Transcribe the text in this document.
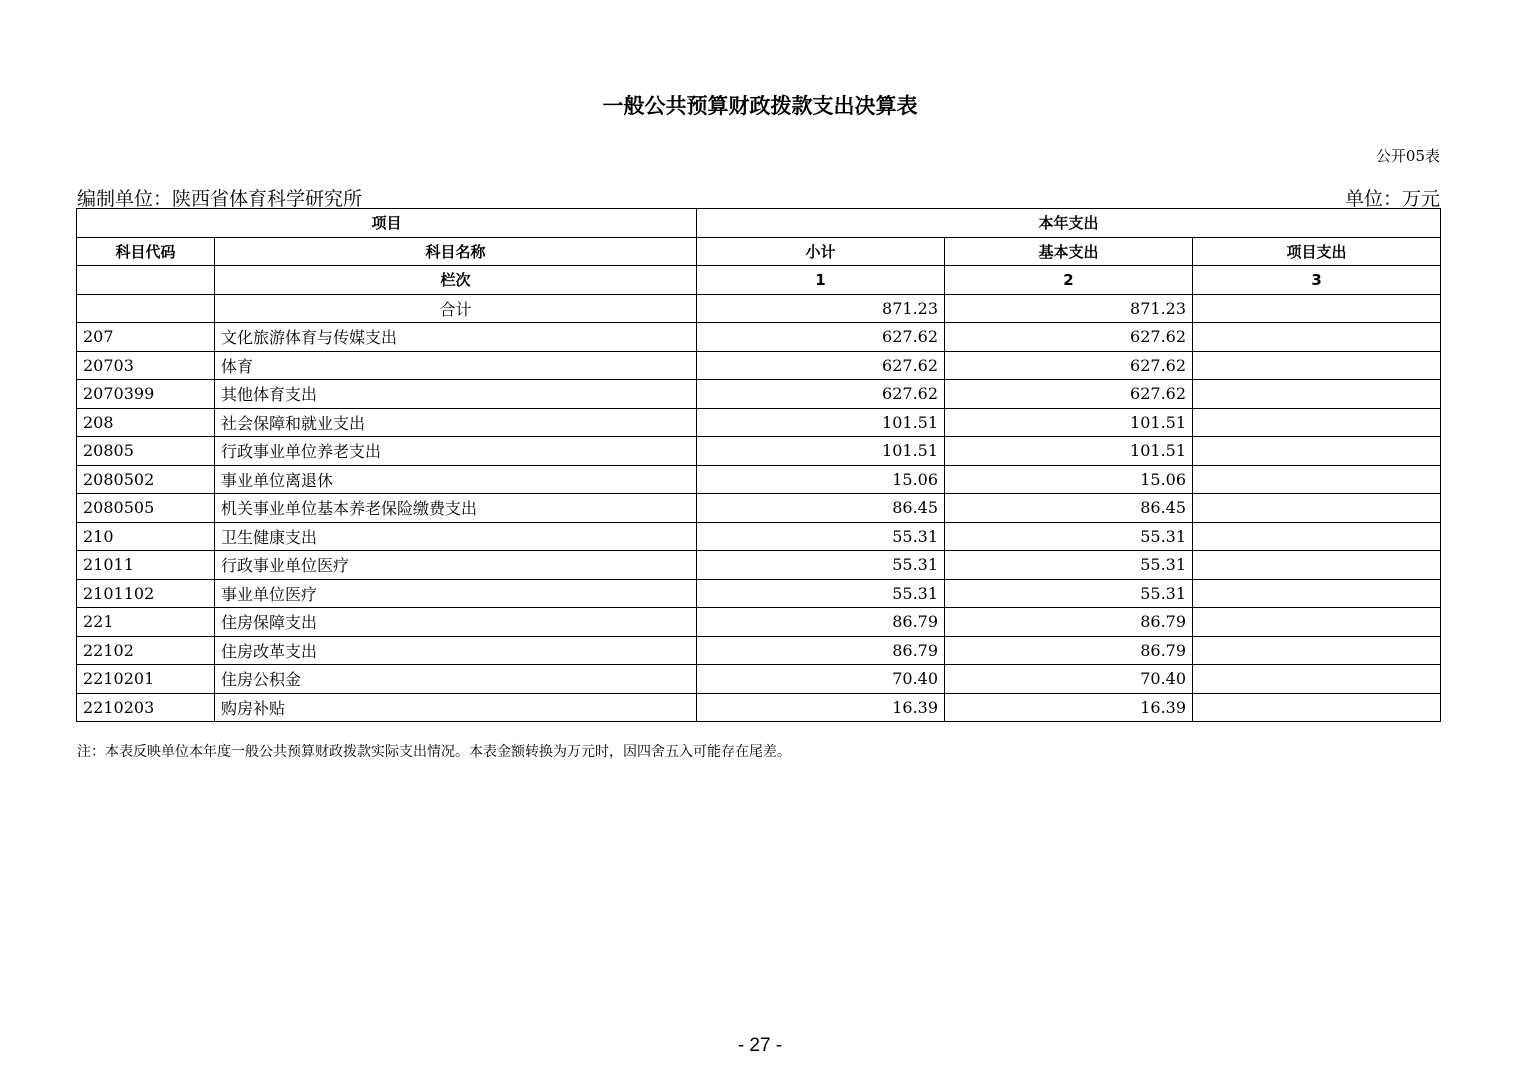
一般公共预算财政拨款支出决算表
公开05表
编制单位：陕西省体育科学研究所	单位：万元
项目		本年支出		
科目代码	科目名称	小计	基本支出	项目支出
	栏次	1	2	3
	合计	871.23	871.23	
207	文化旅游体育与传媒支出	627.62	627.62	
20703	体育	627.62	627.62	
2070399	其他体育支出	627.62	627.62	
208	社会保障和就业支出	101.51	101.51	
20805	行政事业单位养老支出	101.51	101.51	
2080502	事业单位离退休	15.06	15.06	
2080505	机关事业单位基本养老保险缴费支出	86.45	86.45	
210	卫生健康支出	55.31	55.31	
21011	行政事业单位医疗	55.31	55.31	
2101102	事业单位医疗	55.31	55.31	
221	住房保障支出	86.79	86.79	
22102	住房改革支出	86.79	86.79	
2210201	住房公积金	70.40	70.40	
2210203	购房补贴	16.39	16.39	
注：本表反映单位本年度一般公共预算财政拨款实际支出情况。本表金额转换为万元时，因四舍五入可能存在尾差。
- 27 -
